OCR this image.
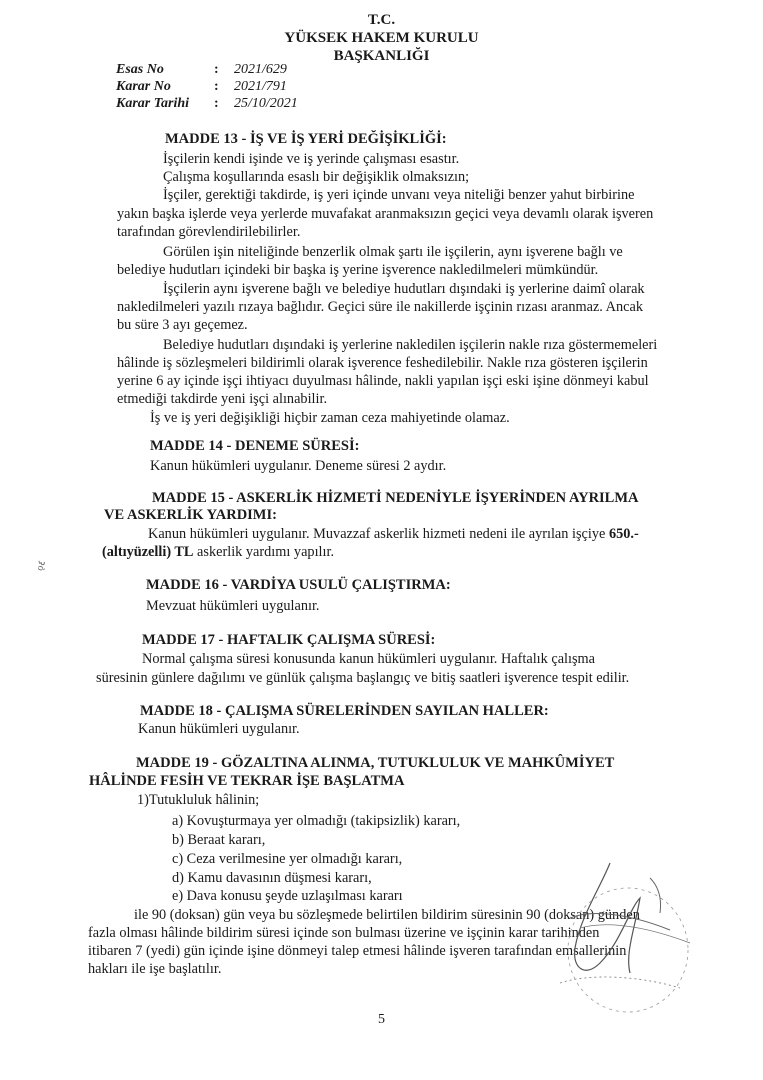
T.C.
YÜKSEK HAKEM KURULU
BAŞKANLIĞI
Esas No	: 2021/629
Karar No	: 2021/791
Karar Tarihi : 25/10/2021
MADDE 13 - İŞ VE İŞ YERİ DEĞİŞİKLİĞİ:
İşçilerin kendi işinde ve iş yerinde çalışması esastır.
Çalışma koşullarında esaslı bir değişiklik olmaksızın;
İşçiler, gerektiği takdirde, iş yeri içinde unvanı veya niteliği benzer yahut birbirine
yakın başka işlerde veya yerlerde muvafakat aranmaksızın geçici veya devamlı olarak işveren
tarafından görevlendirilebilirler.
Görülen işin niteliğinde benzerlik olmak şartı ile işçilerin, aynı işverene bağlı ve
belediye hudutları içindeki bir başka iş yerine işverence nakledilmeleri mümkündür.
İşçilerin aynı işverene bağlı ve belediye hudutları dışındaki iş yerlerine daimî olarak
nakledilmeleri yazılı rızaya bağlıdır. Geçici süre ile nakillerde işçinin rızası aranmaz. Ancak
bu süre 3 ayı geçemez.
Belediye hudutları dışındaki iş yerlerine nakledilen işçilerin nakle rıza göstermemeleri
hâlinde iş sözleşmeleri bildirimli olarak işverence feshedilebilir. Nakle rıza gösteren işçilerin
yerine 6 ay içinde işçi ihtiyacı duyulması hâlinde, nakli yapılan işçi eski işine dönmeyi kabul
etmediği takdirde yeni işçi alınabilir.
İş ve iş yeri değişikliği hiçbir zaman ceza mahiyetinde olamaz.
MADDE 14 - DENEME SÜRESİ:
Kanun hükümleri uygulanır. Deneme süresi 2 aydır.
MADDE 15 - ASKERLİK HİZMETİ NEDENİYLE İŞYERİNDEN AYRILMA
VE ASKERLİK YARDIMI:
Kanun hükümleri uygulanır. Muvazzaf askerlik hizmeti nedeni ile ayrılan işçiye 650.-
(altıyüzelli) TL askerlik yardımı yapılır.
MADDE 16 - VARDİYA USULÜ ÇALIŞTIRMA:
Mevzuat hükümleri uygulanır.
MADDE 17 - HAFTALIK ÇALIŞMA SÜRESİ:
Normal çalışma süresi konusunda kanun hükümleri uygulanır. Haftalık çalışma
süresinin günlere dağılımı ve günlük çalışma başlangıç ve bitiş saatleri işverence tespit edilir.
MADDE 18 - ÇALIŞMA SÜRELERİNDEN SAYILAN HALLER:
Kanun hükümleri uygulanır.
MADDE 19 - GÖZALTINA ALINMA, TUTUKLULUK VE MAHKÛMİYET
HÂLİNDE FESİH VE TEKRAR İŞE BAŞLATMA
1)Tutukluluk hâlinin;
a) Kovuşturmaya yer olmadığı (takipsizlik) kararı,
b) Beraat kararı,
c) Ceza verilmesine yer olmadığı kararı,
d) Kamu davasının düşmesi kararı,
e) Dava konusu şeyde uzlaşılması kararı
ile 90 (doksan) gün veya bu sözleşmede belirtilen bildirim süresinin 90 (doksan) günden
fazla olması hâlinde bildirim süresi içinde son bulması üzerine ve işçinin karar tarihinden
itibaren 7 (yedi) gün içinde işine dönmeyi talep etmesi hâlinde işveren tarafından emsallerinin
hakları ile işe başlatılır.
5
ǫ٤
